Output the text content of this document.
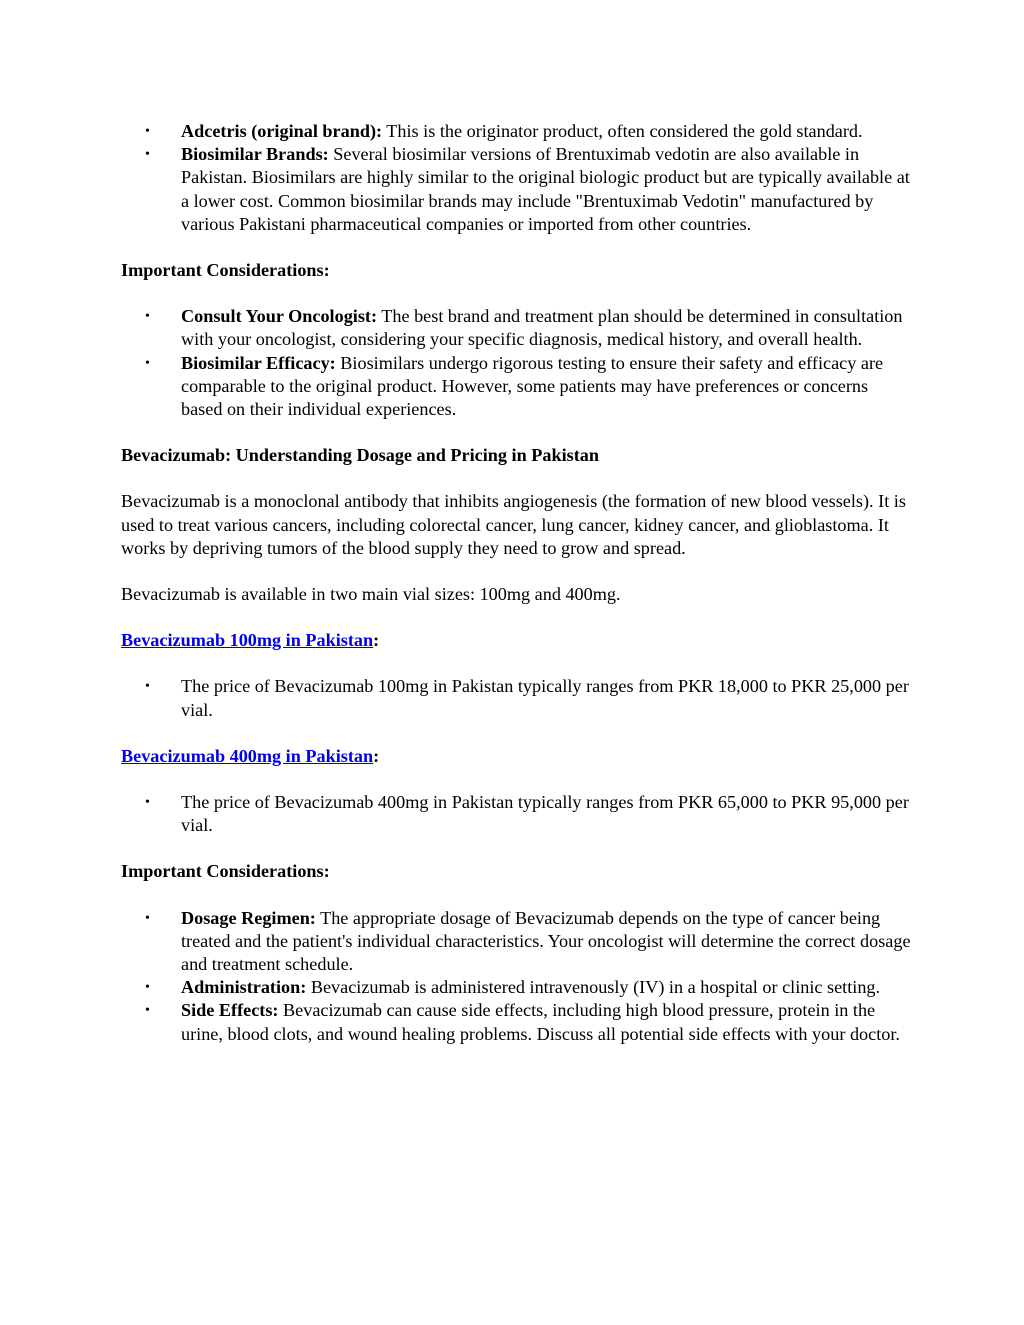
• Adcetris (original brand): This is the originator product, often considered the gold standard.
• Biosimilar Brands: Several biosimilar versions of Brentuximab vedotin are also available in Pakistan. Biosimilars are highly similar to the original biologic product but are typically available at a lower cost. Common biosimilar brands may include "Brentuximab Vedotin" manufactured by various Pakistani pharmaceutical companies or imported from other countries.

Important Considerations:

• Consult Your Oncologist: The best brand and treatment plan should be determined in consultation with your oncologist, considering your specific diagnosis, medical history, and overall health.
• Biosimilar Efficacy: Biosimilars undergo rigorous testing to ensure their safety and efficacy are comparable to the original product. However, some patients may have preferences or concerns based on their individual experiences.

Bevacizumab: Understanding Dosage and Pricing in Pakistan

Bevacizumab is a monoclonal antibody that inhibits angiogenesis (the formation of new blood vessels). It is used to treat various cancers, including colorectal cancer, lung cancer, kidney cancer, and glioblastoma. It works by depriving tumors of the blood supply they need to grow and spread.

Bevacizumab is available in two main vial sizes: 100mg and 400mg.

Bevacizumab 100mg in Pakistan:

• The price of Bevacizumab 100mg in Pakistan typically ranges from PKR 18,000 to PKR 25,000 per vial.

Bevacizumab 400mg in Pakistan:

• The price of Bevacizumab 400mg in Pakistan typically ranges from PKR 65,000 to PKR 95,000 per vial.

Important Considerations:

• Dosage Regimen: The appropriate dosage of Bevacizumab depends on the type of cancer being treated and the patient's individual characteristics. Your oncologist will determine the correct dosage and treatment schedule.
• Administration: Bevacizumab is administered intravenously (IV) in a hospital or clinic setting.
• Side Effects: Bevacizumab can cause side effects, including high blood pressure, protein in the urine, blood clots, and wound healing problems. Discuss all potential side effects with your doctor.
